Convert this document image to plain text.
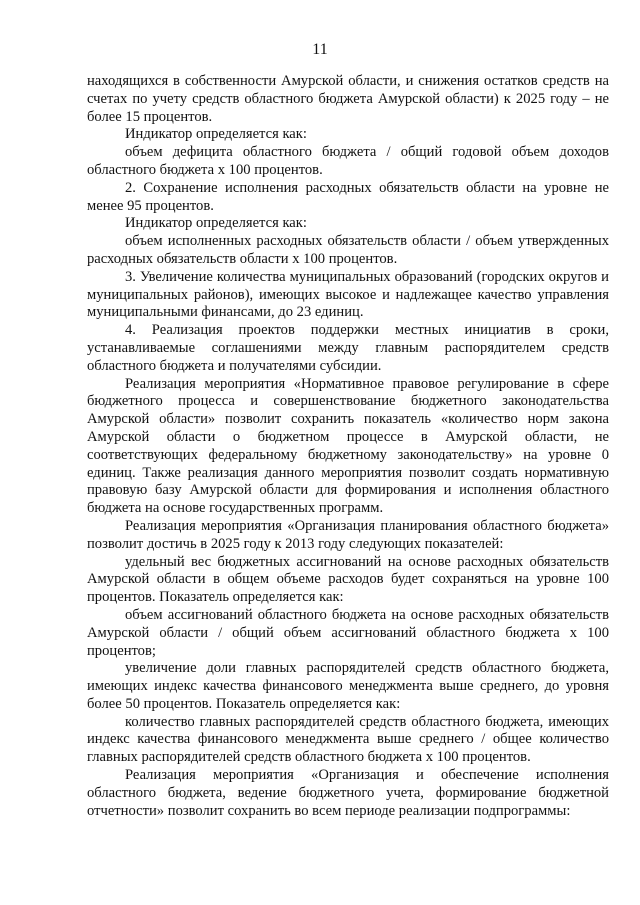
11

находящихся в собственности Амурской области, и снижения остатков средств на счетах по учету средств областного бюджета Амурской области) к 2025 году – не более 15 процентов.

Индикатор определяется как:

объем дефицита областного бюджета / общий годовой объем доходов областного бюджета х 100 процентов.

2. Сохранение исполнения расходных обязательств области на уровне не менее 95 процентов.

Индикатор определяется как:

объем исполненных расходных обязательств области / объем утвержденных расходных обязательств области х 100 процентов.

3. Увеличение количества муниципальных образований (городских округов и муниципальных районов), имеющих высокое и надлежащее качество управления муниципальными финансами, до 23 единиц.

4. Реализация проектов поддержки местных инициатив в сроки, устанавливаемые соглашениями между главным распорядителем средств областного бюджета и получателями субсидии.

Реализация мероприятия «Нормативное правовое регулирование в сфере бюджетного процесса и совершенствование бюджетного законодательства Амурской области» позволит сохранить показатель «количество норм закона Амурской области о бюджетном процессе в Амурской области, не соответствующих федеральному бюджетному законодательству» на уровне 0 единиц. Также реализация данного мероприятия позволит создать нормативную правовую базу Амурской области для формирования и исполнения областного бюджета на основе государственных программ.

Реализация мероприятия «Организация планирования областного бюджета» позволит достичь в 2025 году к 2013 году следующих показателей:

удельный вес бюджетных ассигнований на основе расходных обязательств Амурской области в общем объеме расходов будет сохраняться на уровне 100 процентов. Показатель определяется как:

объем ассигнований областного бюджета на основе расходных обязательств Амурской области / общий объем ассигнований областного бюджета х 100 процентов;

увеличение доли главных распорядителей средств областного бюджета, имеющих индекс качества финансового менеджмента выше среднего, до уровня более 50 процентов. Показатель определяется как:

количество главных распорядителей средств областного бюджета, имеющих индекс качества финансового менеджмента выше среднего / общее количество главных распорядителей средств областного бюджета х 100 процентов.

Реализация мероприятия «Организация и обеспечение исполнения областного бюджета, ведение бюджетного учета, формирование бюджетной отчетности» позволит сохранить во всем периоде реализации подпрограммы:
